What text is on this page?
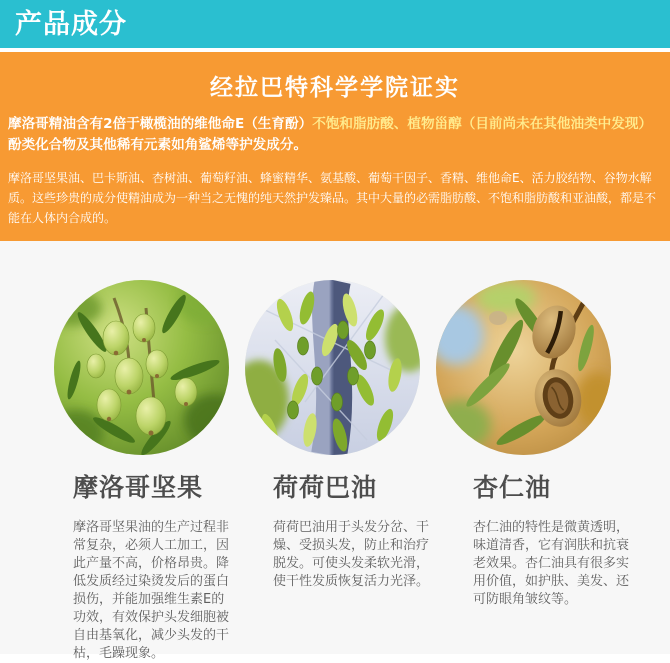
产品成分
经拉巴特科学学院证实

摩洛哥精油含有2倍于橄榄油的维他命E（生育酚）不饱和脂肪酸、植物甾醇（目前尚未在其他油类中发现）
酚类化合物及其他稀有元素如角鲨烯等护发成分。

摩洛哥坚果油、巴卡斯油、杏树油、葡萄籽油、蜂蜜精华、氨基酸、葡萄干因子、香精、维他命E、活力胶结物、谷物水解质。这些珍贵的成分使精油成为一种当之无愧的纯天然护发臻品。其中大量的必需脂肪酸、不饱和脂肪酸和亚油酸，都是不能在人体内合成的。

摩洛哥坚果

摩洛哥坚果油的生产过程非常复杂，必须人工加工，因此产量不高，价格昂贵。降低发质经过染烫发后的蛋白损伤，并能加强维生素E的功效，有效保护头发细胞被自由基氧化，减少头发的干枯，毛躁现象。

荷荷巴油

荷荷巴油用于头发分岔、干燥、受损头发，防止和治疗脱发。可使头发柔软光滑，使干性发质恢复活力光泽。

杏仁油

杏仁油的特性是微黄透明，味道清香，它有润肤和抗衰老效果。杏仁油具有很多实用价值，如护肤、美发、还可防眼角皱纹等。
